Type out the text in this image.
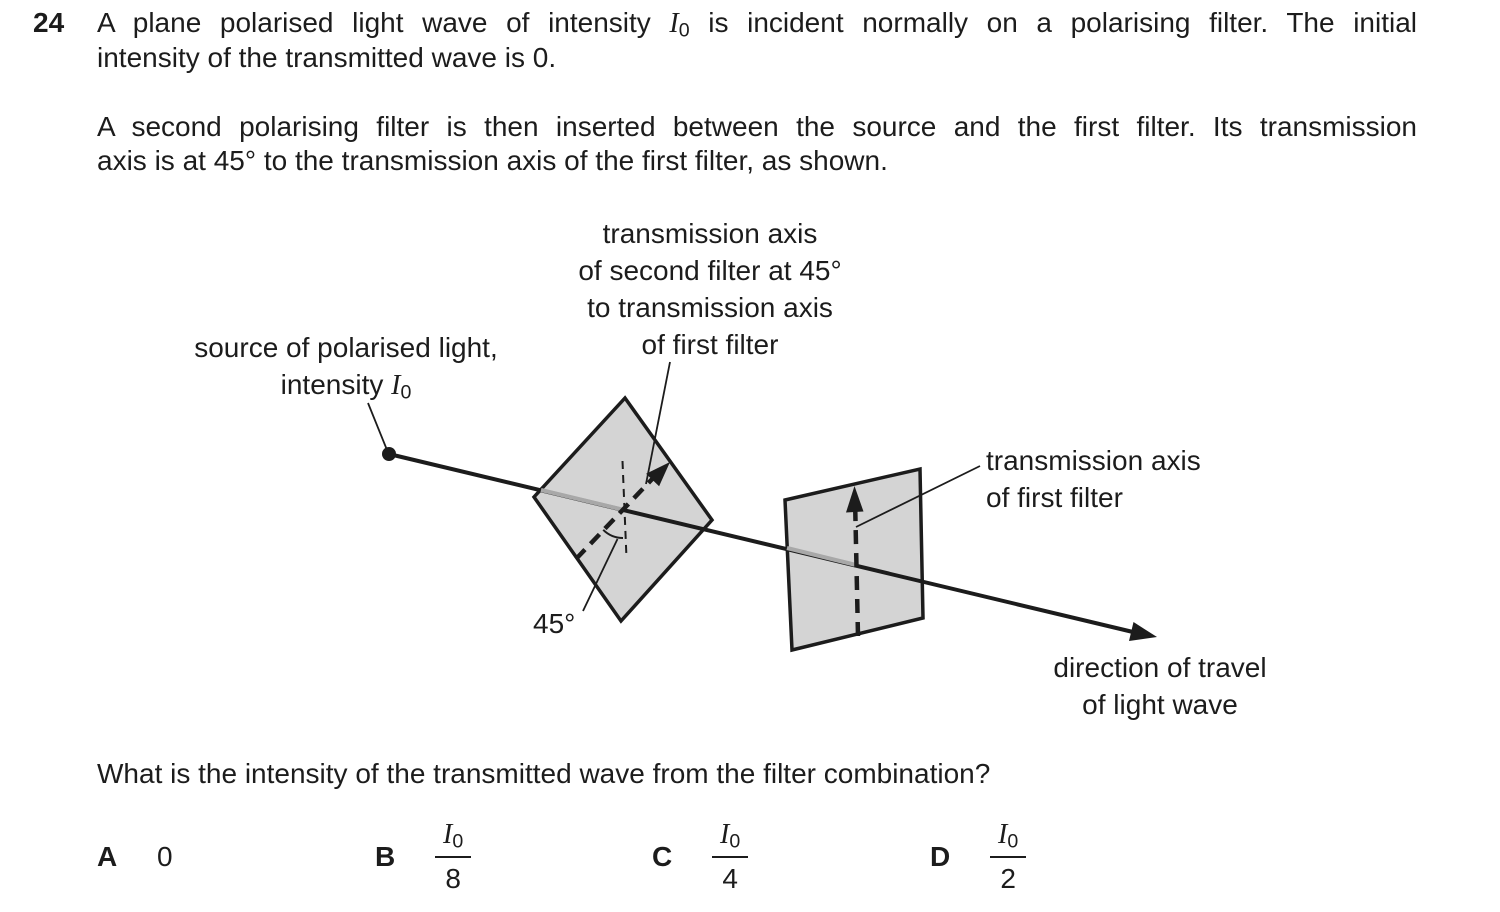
24 A plane polarised light wave of intensity $I_0$ is incident normally on a polarising filter. The initial
intensity of the transmitted wave is 0.
A second polarising filter is then inserted between the source and the first filter. Its transmission
axis is at 45° to the transmission axis of the first filter, as shown.
transmission axis
of second filter at 45°
to transmission axis
of first filter
source of polarised light,
intensity $I_0$
transmission axis
of first filter
direction of travel
of light wave
45°
What is the intensity of the transmitted wave from the filter combination?
A 0	B $\frac{I_0}{8}$	C $\frac{I_0}{4}$	D $\frac{I_0}{2}$
